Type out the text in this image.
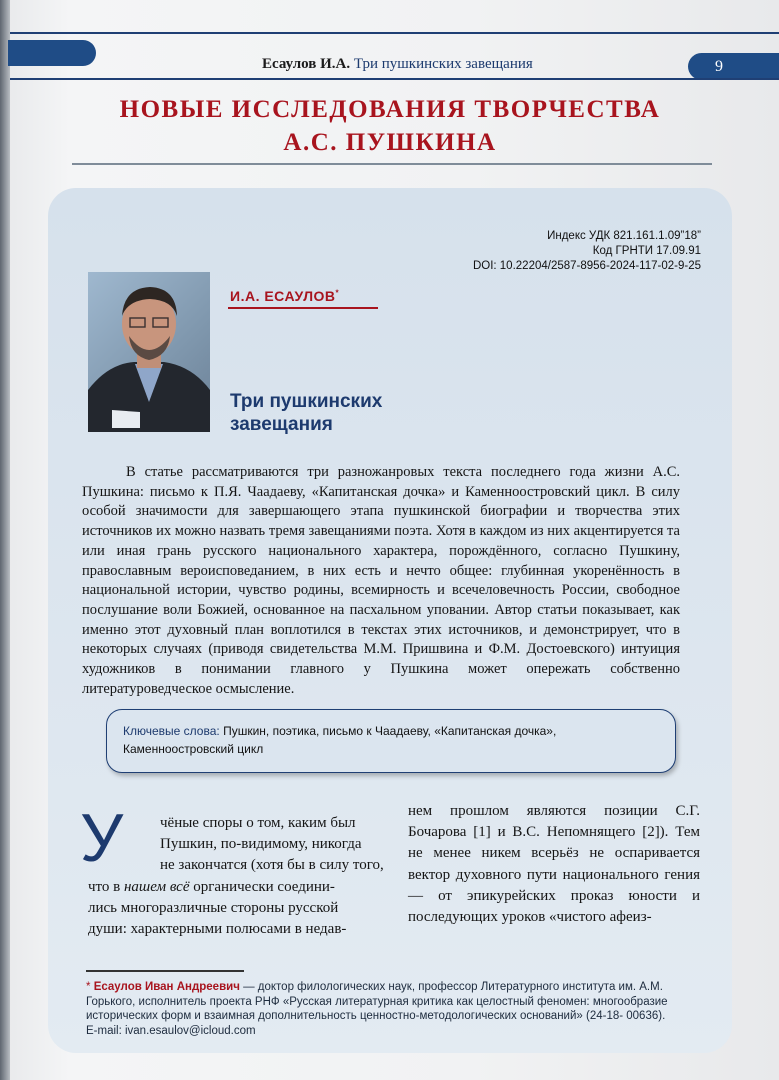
Есаулов И.А. Три пушкинских завещания	9
НОВЫЕ ИССЛЕДОВАНИЯ ТВОРЧЕСТВА
А.С. ПУШКИНА
Индекс УДК 821.161.1.09”18”
Код ГРНТИ 17.09.91
DOI: 10.22204/2587-8956-2024-117-02-9-25
И.А. ЕСАУЛОВ*
Три пушкинских
завещания

В статье рассматриваются три разножанровых текста последнего года жизни А.С. Пушкина: письмо к П.Я. Чаадаеву, «Капитанская дочка» и Каменноостровский цикл. В силу особой значимости для завершающего этапа пушкинской биографии и творчества этих источников их можно назвать тремя завещаниями поэта. Хотя в каждом из них акцентируется та или иная грань русского национального характера, порождённого, согласно Пушкину, православным вероисповеданием, в них есть и нечто общее: глубинная укоренённость в национальной истории, чувство родины, всемирность и всечеловечность России, свободное послушание воли Божией, основанное на пасхальном уповании. Автор статьи показывает, как именно этот духовный план воплотился в текстах этих источников, и демонстрирует, что в некоторых случаях (приводя свидетельства М.М. Пришвина и Ф.М. Достоевского) интуиция художников в понимании главного у Пушкина может опережать собственно литературоведческое осмысление.

Ключевые слова: Пушкин, поэтика, письмо к Чаадаеву, «Капитанская дочка», Каменноостровский цикл
У	чёные споры о том, каким был
Пушкин, по-видимому, никогда
не закончатся (хотя бы в силу того,
что в нашем всё органически соедини-
лись многоразличные стороны русской
души: характерными полюсами в недав-

нем прошлом являются позиции С.Г. Бочарова [1] и В.С. Непомнящего [2]). Тем не менее никем всерьёз не оспаривается вектор духовного пути национального гения — от эпикурейских проказ юности и последующих уроков «чистого афеиз-

* Есаулов Иван Андреевич — доктор филологических наук, профессор Литературного института им. А.М. Горького, исполнитель проекта РНФ «Русская литературная критика как целостный феномен: многообразие исторических форм и взаимная дополнительность ценностно-методологических оснований» (24-18- 00636).
E-mail: ivan.esaulov@icloud.com
